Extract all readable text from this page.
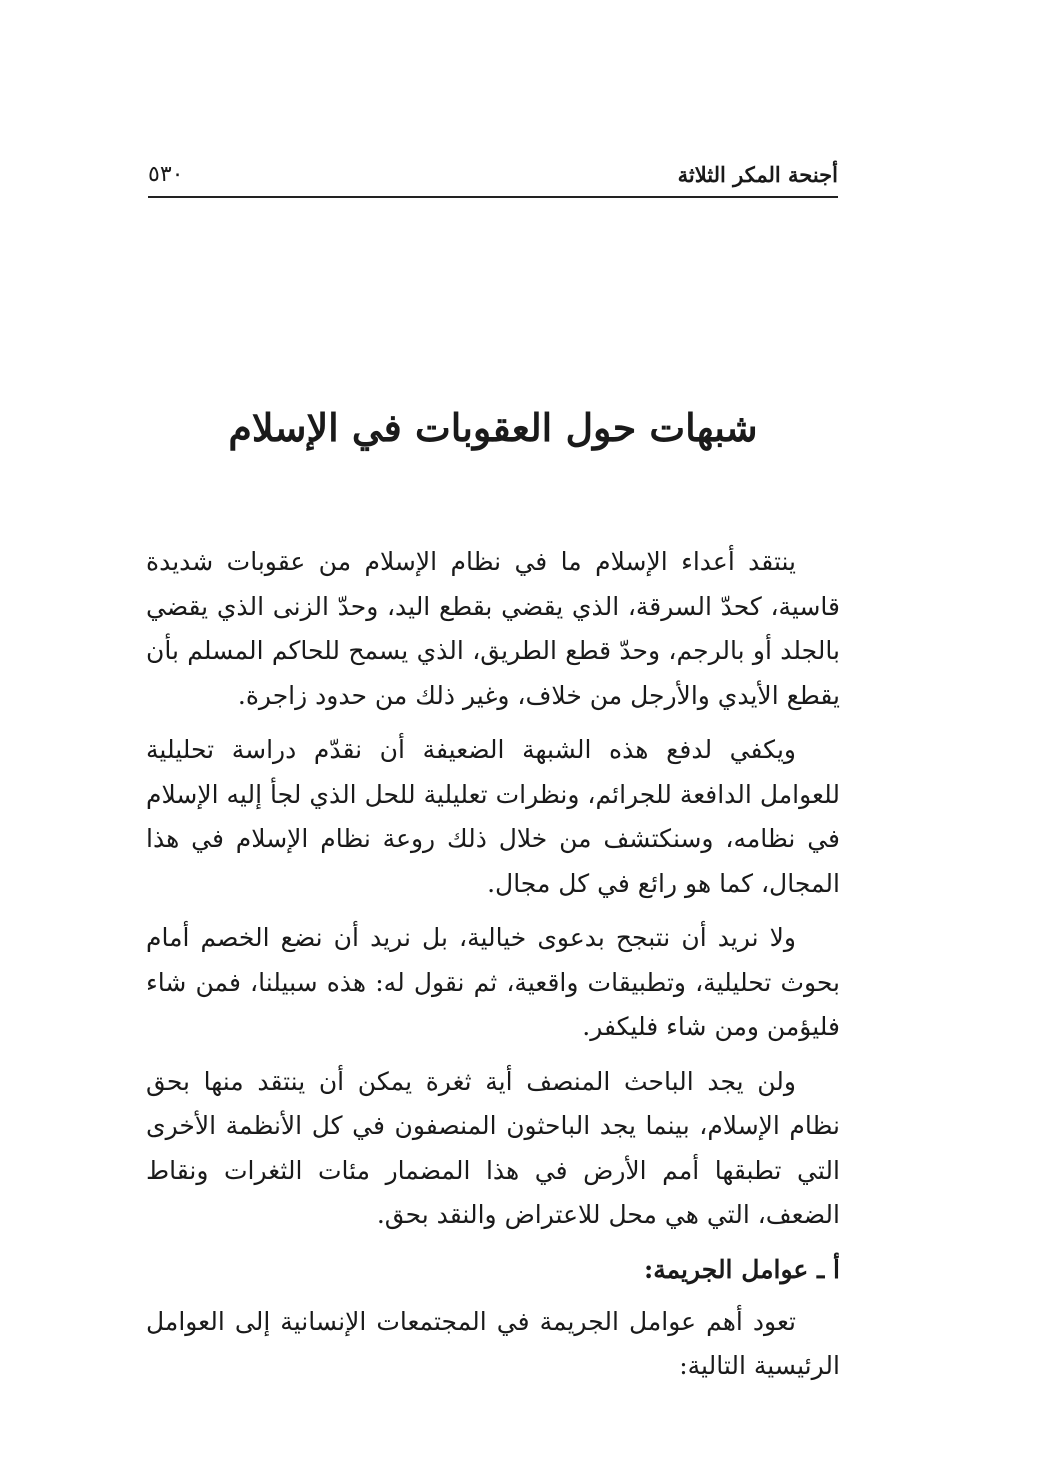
أجنحة المكر الثلاثة
٥٣٠
شبهات حول العقوبات في الإسلام

ينتقد أعداء الإسلام ما في نظام الإسلام من عقوبات شديدة قاسية، كحدّ السرقة، الذي يقضي بقطع اليد، وحدّ الزنى الذي يقضي بالجلد أو بالرجم، وحدّ قطع الطريق، الذي يسمح للحاكم المسلم بأن يقطع الأيدي والأرجل من خلاف، وغير ذلك من حدود زاجرة.

ويكفي لدفع هذه الشبهة الضعيفة أن نقدّم دراسة تحليلية للعوامل الدافعة للجرائم، ونظرات تعليلية للحل الذي لجأ إليه الإسلام في نظامه، وسنكتشف من خلال ذلك روعة نظام الإسلام في هذا المجال، كما هو رائع في كل مجال.

ولا نريد أن نتبجح بدعوى خيالية، بل نريد أن نضع الخصم أمام بحوث تحليلية، وتطبيقات واقعية، ثم نقول له: هذه سبيلنا، فمن شاء فليؤمن ومن شاء فليكفر.

ولن يجد الباحث المنصف أية ثغرة يمكن أن ينتقد منها بحق نظام الإسلام، بينما يجد الباحثون المنصفون في كل الأنظمة الأخرى التي تطبقها أمم الأرض في هذا المضمار مئات الثغرات ونقاط الضعف، التي هي محل للاعتراض والنقد بحق.

أ ـ عوامل الجريمة:

تعود أهم عوامل الجريمة في المجتمعات الإنسانية إلى العوامل الرئيسية التالية:
